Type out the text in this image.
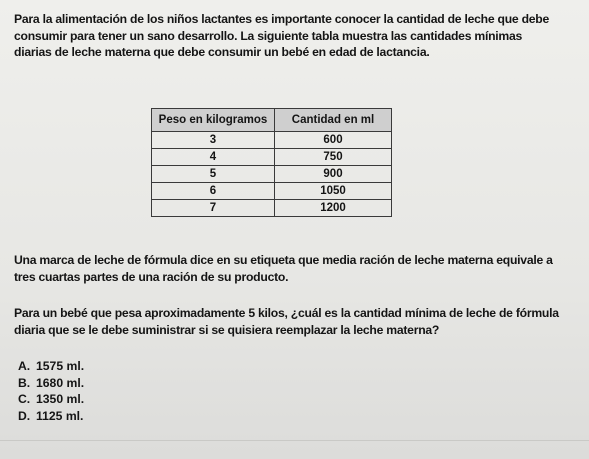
Para la alimentación de los niños lactantes es importante conocer la cantidad de leche que debe consumir para tener un sano desarrollo. La siguiente tabla muestra las cantidades mínimas diarias de leche materna que debe consumir un bebé en edad de lactancia.
Peso en kilogramos	Cantidad en ml
3	600
4	750
5	900
6	1050
7	1200
Una marca de leche de fórmula dice en su etiqueta que media ración de leche materna equivale a tres cuartas partes de una ración de su producto.
Para un bebé que pesa aproximadamente 5 kilos, ¿cuál es la cantidad mínima de leche de fórmula diaria que se le debe suministrar si se quisiera reemplazar la leche materna?
A. 1575 ml.
B. 1680 ml.
C. 1350 ml.
D. 1125 ml.
